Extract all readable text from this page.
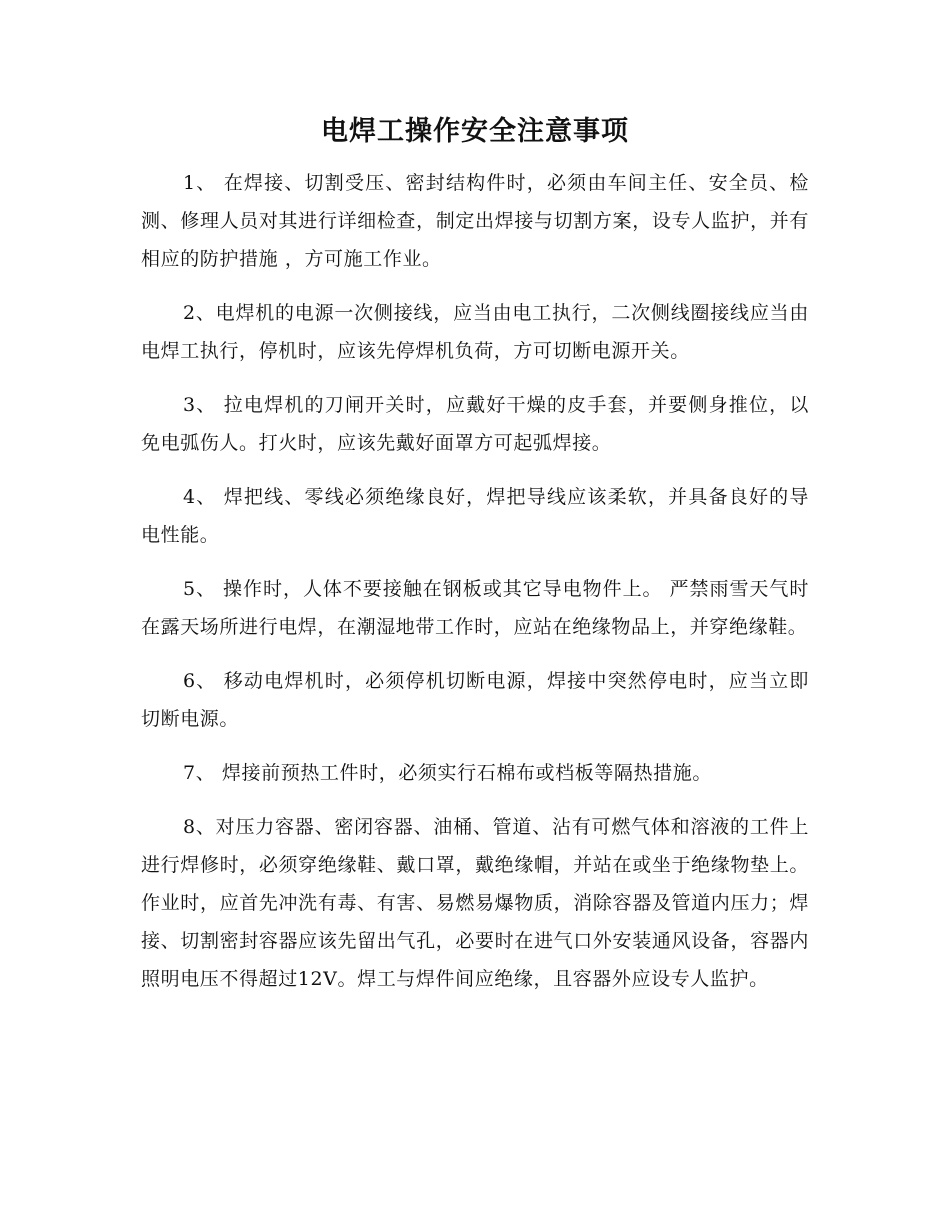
电焊工操作安全注意事项

1、 在焊接、切割受压、密封结构件时，必须由车间主任、安全员、检测、修理人员对其进行详细检查，制定出焊接与切割方案，设专人监护，并有相应的防护措施 ，方可施工作业。

2、电焊机的电源一次侧接线，应当由电工执行，二次侧线圈接线应当由电焊工执行，停机时，应该先停焊机负荷，方可切断电源开关。

3、 拉电焊机的刀闸开关时，应戴好干燥的皮手套，并要侧身推位，以免电弧伤人。打火时，应该先戴好面罩方可起弧焊接。

4、 焊把线、零线必须绝缘良好，焊把导线应该柔软，并具备良好的导电性能。

5、 操作时，人体不要接触在钢板或其它导电物件上。 严禁雨雪天气时在露天场所进行电焊，在潮湿地带工作时，应站在绝缘物品上，并穿绝缘鞋。

6、 移动电焊机时，必须停机切断电源，焊接中突然停电时，应当立即切断电源。

7、 焊接前预热工件时，必须实行石棉布或档板等隔热措施。

8、对压力容器、密闭容器、油桶、管道、沾有可燃气体和溶液的工件上进行焊修时，必须穿绝缘鞋、戴口罩，戴绝缘帽，并站在或坐于绝缘物垫上。作业时，应首先冲洗有毒、有害、易燃易爆物质，消除容器及管道内压力；焊接、切割密封容器应该先留出气孔，必要时在进气口外安装通风设备，容器内照明电压不得超过12V。焊工与焊件间应绝缘，且容器外应设专人监护。
